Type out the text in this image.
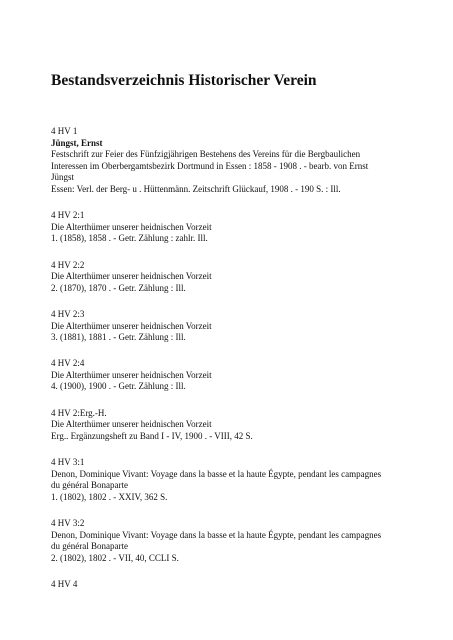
Bestandsverzeichnis Historischer Verein
4 HV 1
Jüngst, Ernst
Festschrift zur Feier des Fünfzigjährigen Bestehens des Vereins für die Bergbaulichen
Interessen im Oberbergamtsbezirk Dortmund in Essen : 1858 - 1908 . - bearb. von Ernst
Jüngst
Essen: Verl. der Berg- u . Hüttenmänn. Zeitschrift Glückauf, 1908 . - 190 S. : Ill.
4 HV 2:1
Die Alterthümer unserer heidnischen Vorzeit
1. (1858), 1858 . - Getr. Zählung : zahlr. Ill.
4 HV 2:2
Die Alterthümer unserer heidnischen Vorzeit
2. (1870), 1870 . - Getr. Zählung : Ill.
4 HV 2:3
Die Alterthümer unserer heidnischen Vorzeit
3. (1881), 1881 . - Getr. Zählung : Ill.
4 HV 2:4
Die Alterthümer unserer heidnischen Vorzeit
4. (1900), 1900 . - Getr. Zählung : Ill.
4 HV 2:Erg.-H.
Die Alterthümer unserer heidnischen Vorzeit
Erg.. Ergänzungsheft zu Band I - IV, 1900 . - VIII, 42 S.
4 HV 3:1
Denon, Dominique Vivant: Voyage dans la basse et la haute Égypte, pendant les campagnes
du général Bonaparte
1. (1802), 1802 . - XXIV, 362 S.
4 HV 3:2
Denon, Dominique Vivant: Voyage dans la basse et la haute Égypte, pendant les campagnes
du général Bonaparte
2. (1802), 1802 . - VII, 40, CCLI S.
4 HV 4
